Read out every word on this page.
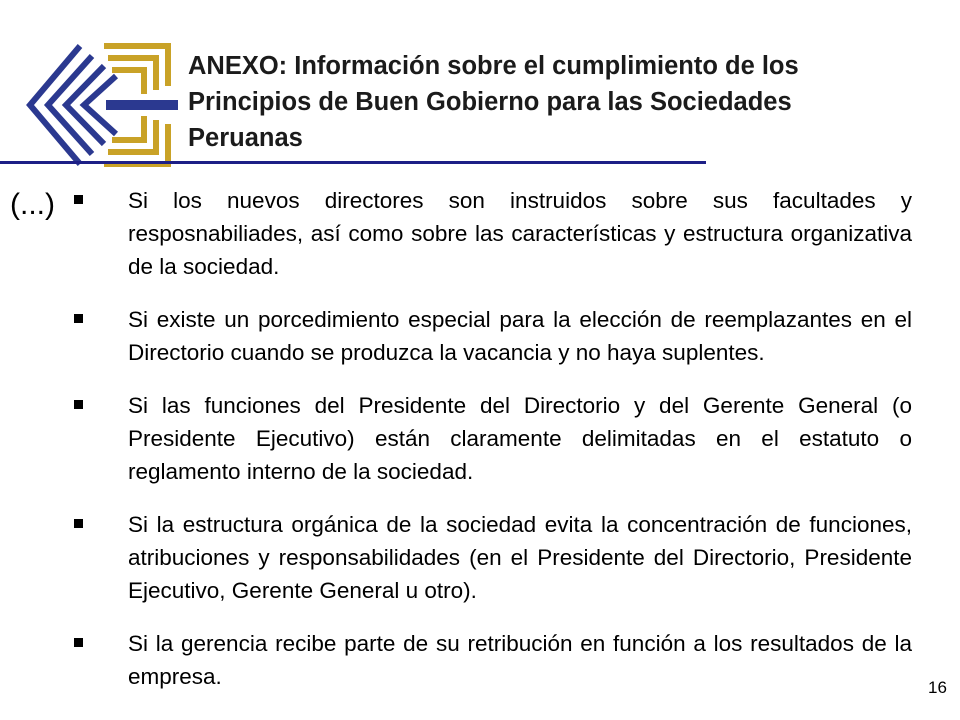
ANEXO: Información sobre el cumplimiento de los Principios de Buen Gobierno para las Sociedades Peruanas
(...)	Si los nuevos directores son instruidos sobre sus facultades y resposnabiliades, así como sobre las características y estructura organizativa de la sociedad.
Si existe un porcedimiento especial para la elección de reemplazantes en el Directorio cuando se produzca la vacancia y no haya suplentes.
Si las funciones del Presidente del Directorio y del Gerente General (o Presidente Ejecutivo) están claramente delimitadas en el estatuto o reglamento interno de la sociedad.
Si la estructura orgánica de la sociedad evita la concentración de funciones, atribuciones y responsabilidades (en el Presidente del Directorio, Presidente Ejecutivo, Gerente General u otro).
Si la gerencia recibe parte de su retribución en función a los resultados de la empresa.	16
